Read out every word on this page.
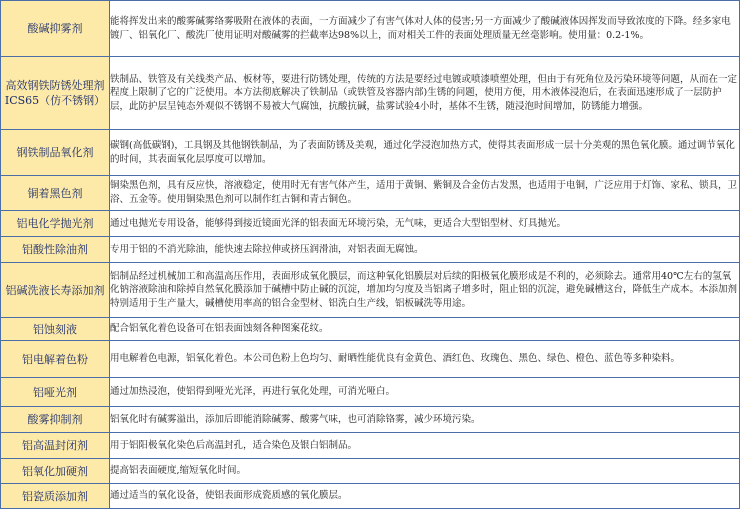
酸碱抑雾剂	能将挥发出来的酸雾碱雾络雾吸附在液体的表面，一方面减少了有害气体对人体的侵害;另一方面减少了酸碱液体因挥发而导致浓度的下降。经多家电镀厂、铝氧化厂、酸洗厂使用证明对酸碱雾的拦截率达98%以上，而对相关工件的表面处理质量无丝毫影响。使用量：0.2-1%。
高效钢铁防锈处理剂ICS65（仿不锈钢）	铁制品、铁管及有关线类产品、板材等，要进行防锈处理，传统的方法是要经过电镀或喷漆喷塑处理，但由于有死角位及污染环境等问题，从而在一定程度上限制了它的广泛使用。本方法彻底解决了铁制品（或铁管及容器内部)生锈的问题，使用方便，用木液体浸泡后，在表面迅速形成了一层防护层，此防护层呈钝态外观似不锈钢不易被大气腐蚀，抗酸抗碱，盐雾试验4小时，基体不生锈，随浸泡时间增加，防锈能力增强。
钢铁制品氧化剂	碳钢(高低碳钢)，工具钢及其他钢铁制品，为了表面防锈及美观，通过化学浸泡加热方式，使得其表面形成一层十分美观的黑色氧化膜。通过调节氧化的时间，其表面氧化层厚度可以增加。
铜着黑色剂	铜染黑色剂，具有反应快，溶液稳定，使用时无有害气体产生，适用于黄铜、紫铜及合金仿古发黑，也适用于电铜，广泛应用于灯饰、家私、锁具，卫浴、五金等。使用铜染黑色剂可以制作红古铜和青古铜色。
铝电化学抛光剂	通过电抛光专用设备，能够得到接近镜面光泽的铝表面无环境污染，无气味，更适合大型铝型材、灯具抛光。
铝酸性除油剂	专用于铝的不消光除油，能快速去除拉伸或挤压润滑油，对铝表面无腐蚀。
铝碱洗液长寿添加剂	铝制品经过机械加工和高温高压作用，表面形成氧化膜层，而这种氧化铝膜层对后续的阳极氧化膜形成是不利的，必须除去。通常用40℃左右的氢氧化钠溶液除油和除掉自然氧化膜添加于碱槽中防止碱的沉淀，增加均匀度及当铝离子增多时，阻止铝的沉淀，避免碱槽这台，降低生产成本。本添加剂特别适用于生产量大，碱槽使用率高的铝合金型材、铝洗白生产线，铝板碱洗等用途。
铝蚀刻液	配合铝氧化着色设备可在铝表面蚀刻各种图案花纹。
铝电解着色粉	用电解着色电源，铝氧化着色。本公司色粉上色均匀、耐晒性能优良有金黄色、酒红色、玫瑰色、黑色、绿色、橙色、蓝色等多种染料。
铝哑光剂	通过加热浸泡，使铝得到哑光光泽，再进行氧化处理，可消光哑白。
酸雾抑制剂	铝氧化时有碱雾溢出，添加后即能消除碱雾、酸雾气味，也可消除铬雾，减少环境污染。
铝高温封闭剂	用于铝阳极氧化染色后高温封孔，适合染色及银白铝制品。
铝氧化加硬剂	提高铝表面硬度,缩短氧化时间。
铝瓷质添加剂	通过适当的氧化设备，使铝表面形成瓷质感的氧化膜层。
